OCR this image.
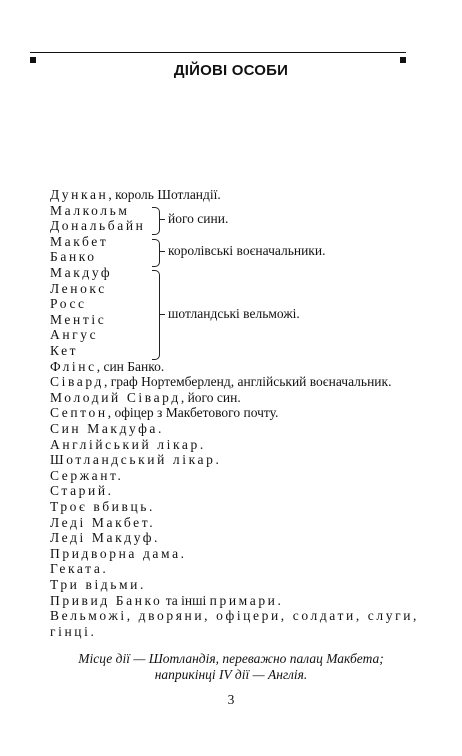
ДІЙОВІ ОСОБИ
Дункан, король Шотландії.
Малкольм
Дональбайн
Макбет
Банко
Макдуф
Ленокс
Росс
Ментіс
Ангус
Кет
Флінс, син Банко.
Сівард, граф Нортемберленд, англійський воєначальник.
Молодий Сівард, його син.
Септон, офіцер з Макбетового почту.
Син Макдуфа.
Англійський лікар.
Шотландський лікар.
Сержант.
Старий.
Троє вбивць.
Леді Макбет.
Леді Макдуф.
Придворна дама.
Геката.
Три відьми.
Привид Банко та інші примари.
Вельможі, дворяни, офіцери, солдати, слуги,
гінці.
його сини.
королівські воєначальники.
шотландські вельможі.
Місце дії — Шотландія, переважно палац Макбета;
наприкінці IV дії — Англія.
3
